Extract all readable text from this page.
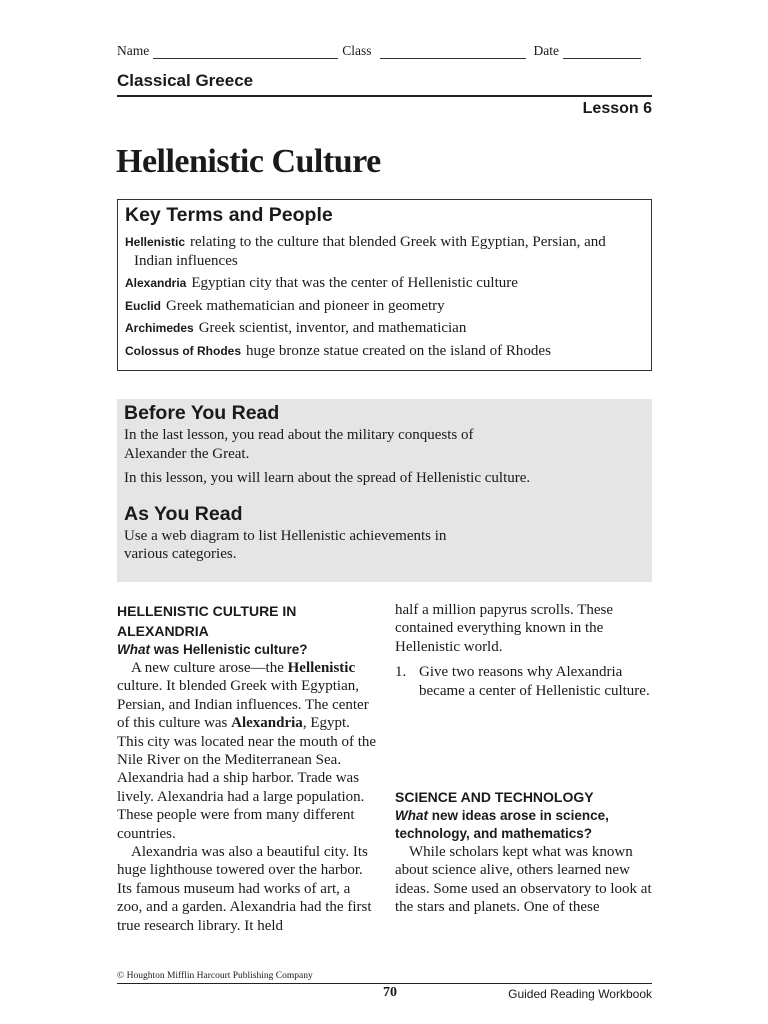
Name	Class	Date
Classical Greece
Lesson 6
Hellenistic Culture
Key Terms and People
Hellenistic relating to the culture that blended Greek with Egyptian, Persian, and Indian influences
Alexandria Egyptian city that was the center of Hellenistic culture
Euclid Greek mathematician and pioneer in geometry
Archimedes Greek scientist, inventor, and mathematician
Colossus of Rhodes huge bronze statue created on the island of Rhodes
Before You Read

In the last lesson, you read about the military conquests of Alexander the Great.

In this lesson, you will learn about the spread of Hellenistic culture.

As You Read

Use a web diagram to list Hellenistic achievements in various categories.

HELLENISTIC CULTURE IN ALEXANDRIA
What was Hellenistic culture?

A new culture arose—the Hellenistic culture. It blended Greek with Egyptian, Persian, and Indian influences. The center of this culture was Alexandria, Egypt. This city was located near the mouth of the Nile River on the Mediterranean Sea. Alexandria had a ship harbor. Trade was lively. Alexandria had a large population. These people were from many different countries.

Alexandria was also a beautiful city. Its huge lighthouse towered over the harbor. Its famous museum had works of art, a zoo, and a garden. Alexandria had the first true research library. It held

half a million papyrus scrolls. These contained everything known in the Hellenistic world.

1. Give two reasons why Alexandria became a center of Hellenistic culture.
SCIENCE AND TECHNOLOGY
What new ideas arose in science, technology, and mathematics?

While scholars kept what was known about science alive, others learned new ideas. Some used an observatory to look at the stars and planets. One of these

© Houghton Mifflin Harcourt Publishing Company
70	Guided Reading Workbook
